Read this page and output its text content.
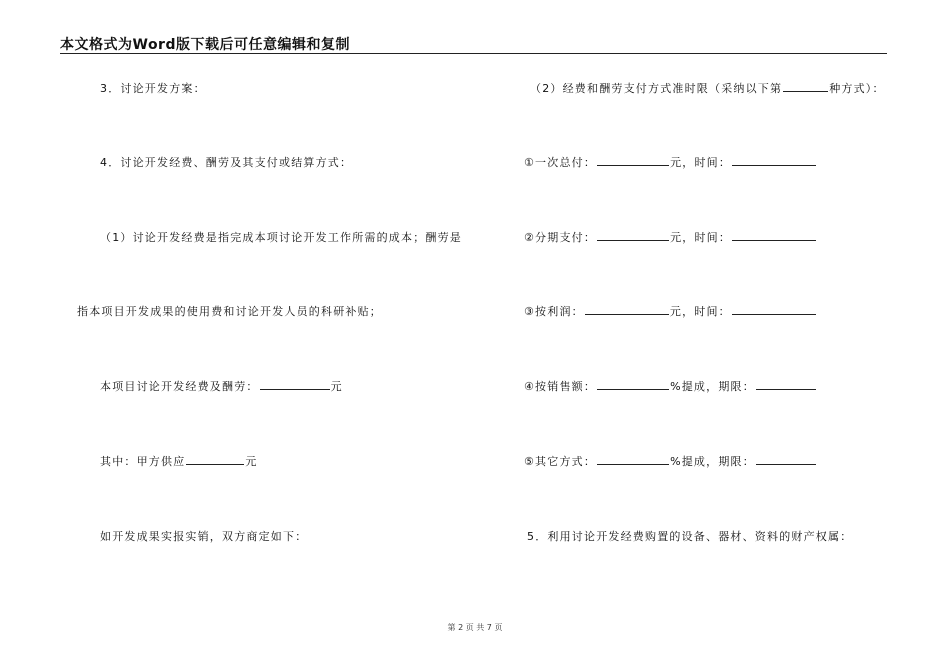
本文格式为Word版下载后可任意编辑和复制
3．讨论开发方案：
4．讨论开发经费、酬劳及其支付或结算方式：
（1）讨论开发经费是指完成本项讨论开发工作所需的成本；酬劳是
指本项目开发成果的使用费和讨论开发人员的科研补贴；
本项目讨论开发经费及酬劳：	元
其中：甲方供应	元
如开发成果实报实销，双方商定如下：
（2）经费和酬劳支付方式准时限（采纳以下第	种方式）：
①一次总付：	元，时间：
②分期支付：	元，时间：
③按利润：	元，时间：
④按销售额：	%提成，期限：
⑤其它方式：	%提成，期限：
5．利用讨论开发经费购置的设备、器材、资料的财产权属：
第 2 页 共 7 页
